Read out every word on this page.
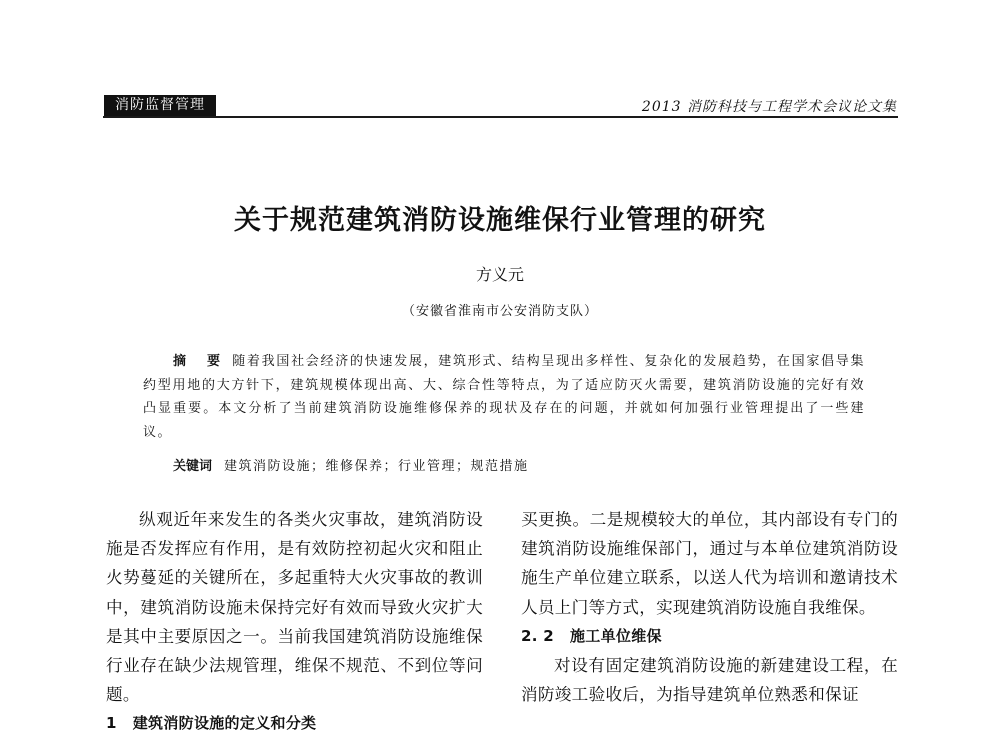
消防监督管理	2013 消防科技与工程学术会议论文集
关于规范建筑消防设施维保行业管理的研究
方义元
（安徽省淮南市公安消防支队）

摘 要 随着我国社会经济的快速发展，建筑形式、结构呈现出多样性、复杂化的发展趋势，在国家倡导集约型用地的大方针下，建筑规模体现出高、大、综合性等特点，为了适应防灭火需要，建筑消防设施的完好有效凸显重要。本文分析了当前建筑消防设施维修保养的现状及存在的问题，并就如何加强行业管理提出了一些建议。

关键词 建筑消防设施；维修保养；行业管理；规范措施

纵观近年来发生的各类火灾事故，建筑消防设施是否发挥应有作用，是有效防控初起火灾和阻止火势蔓延的关键所在，多起重特大火灾事故的教训中，建筑消防设施未保持完好有效而导致火灾扩大是其中主要原因之一。当前我国建筑消防设施维保行业存在缺少法规管理，维保不规范、不到位等问题。

1 建筑消防设施的定义和分类

买更换。二是规模较大的单位，其内部设有专门的建筑消防设施维保部门，通过与本单位建筑消防设施生产单位建立联系，以送人代为培训和邀请技术人员上门等方式，实现建筑消防设施自我维保。

2. 2 施工单位维保

对设有固定建筑消防设施的新建建设工程，在消防竣工验收后，为指导建筑单位熟悉和保证
